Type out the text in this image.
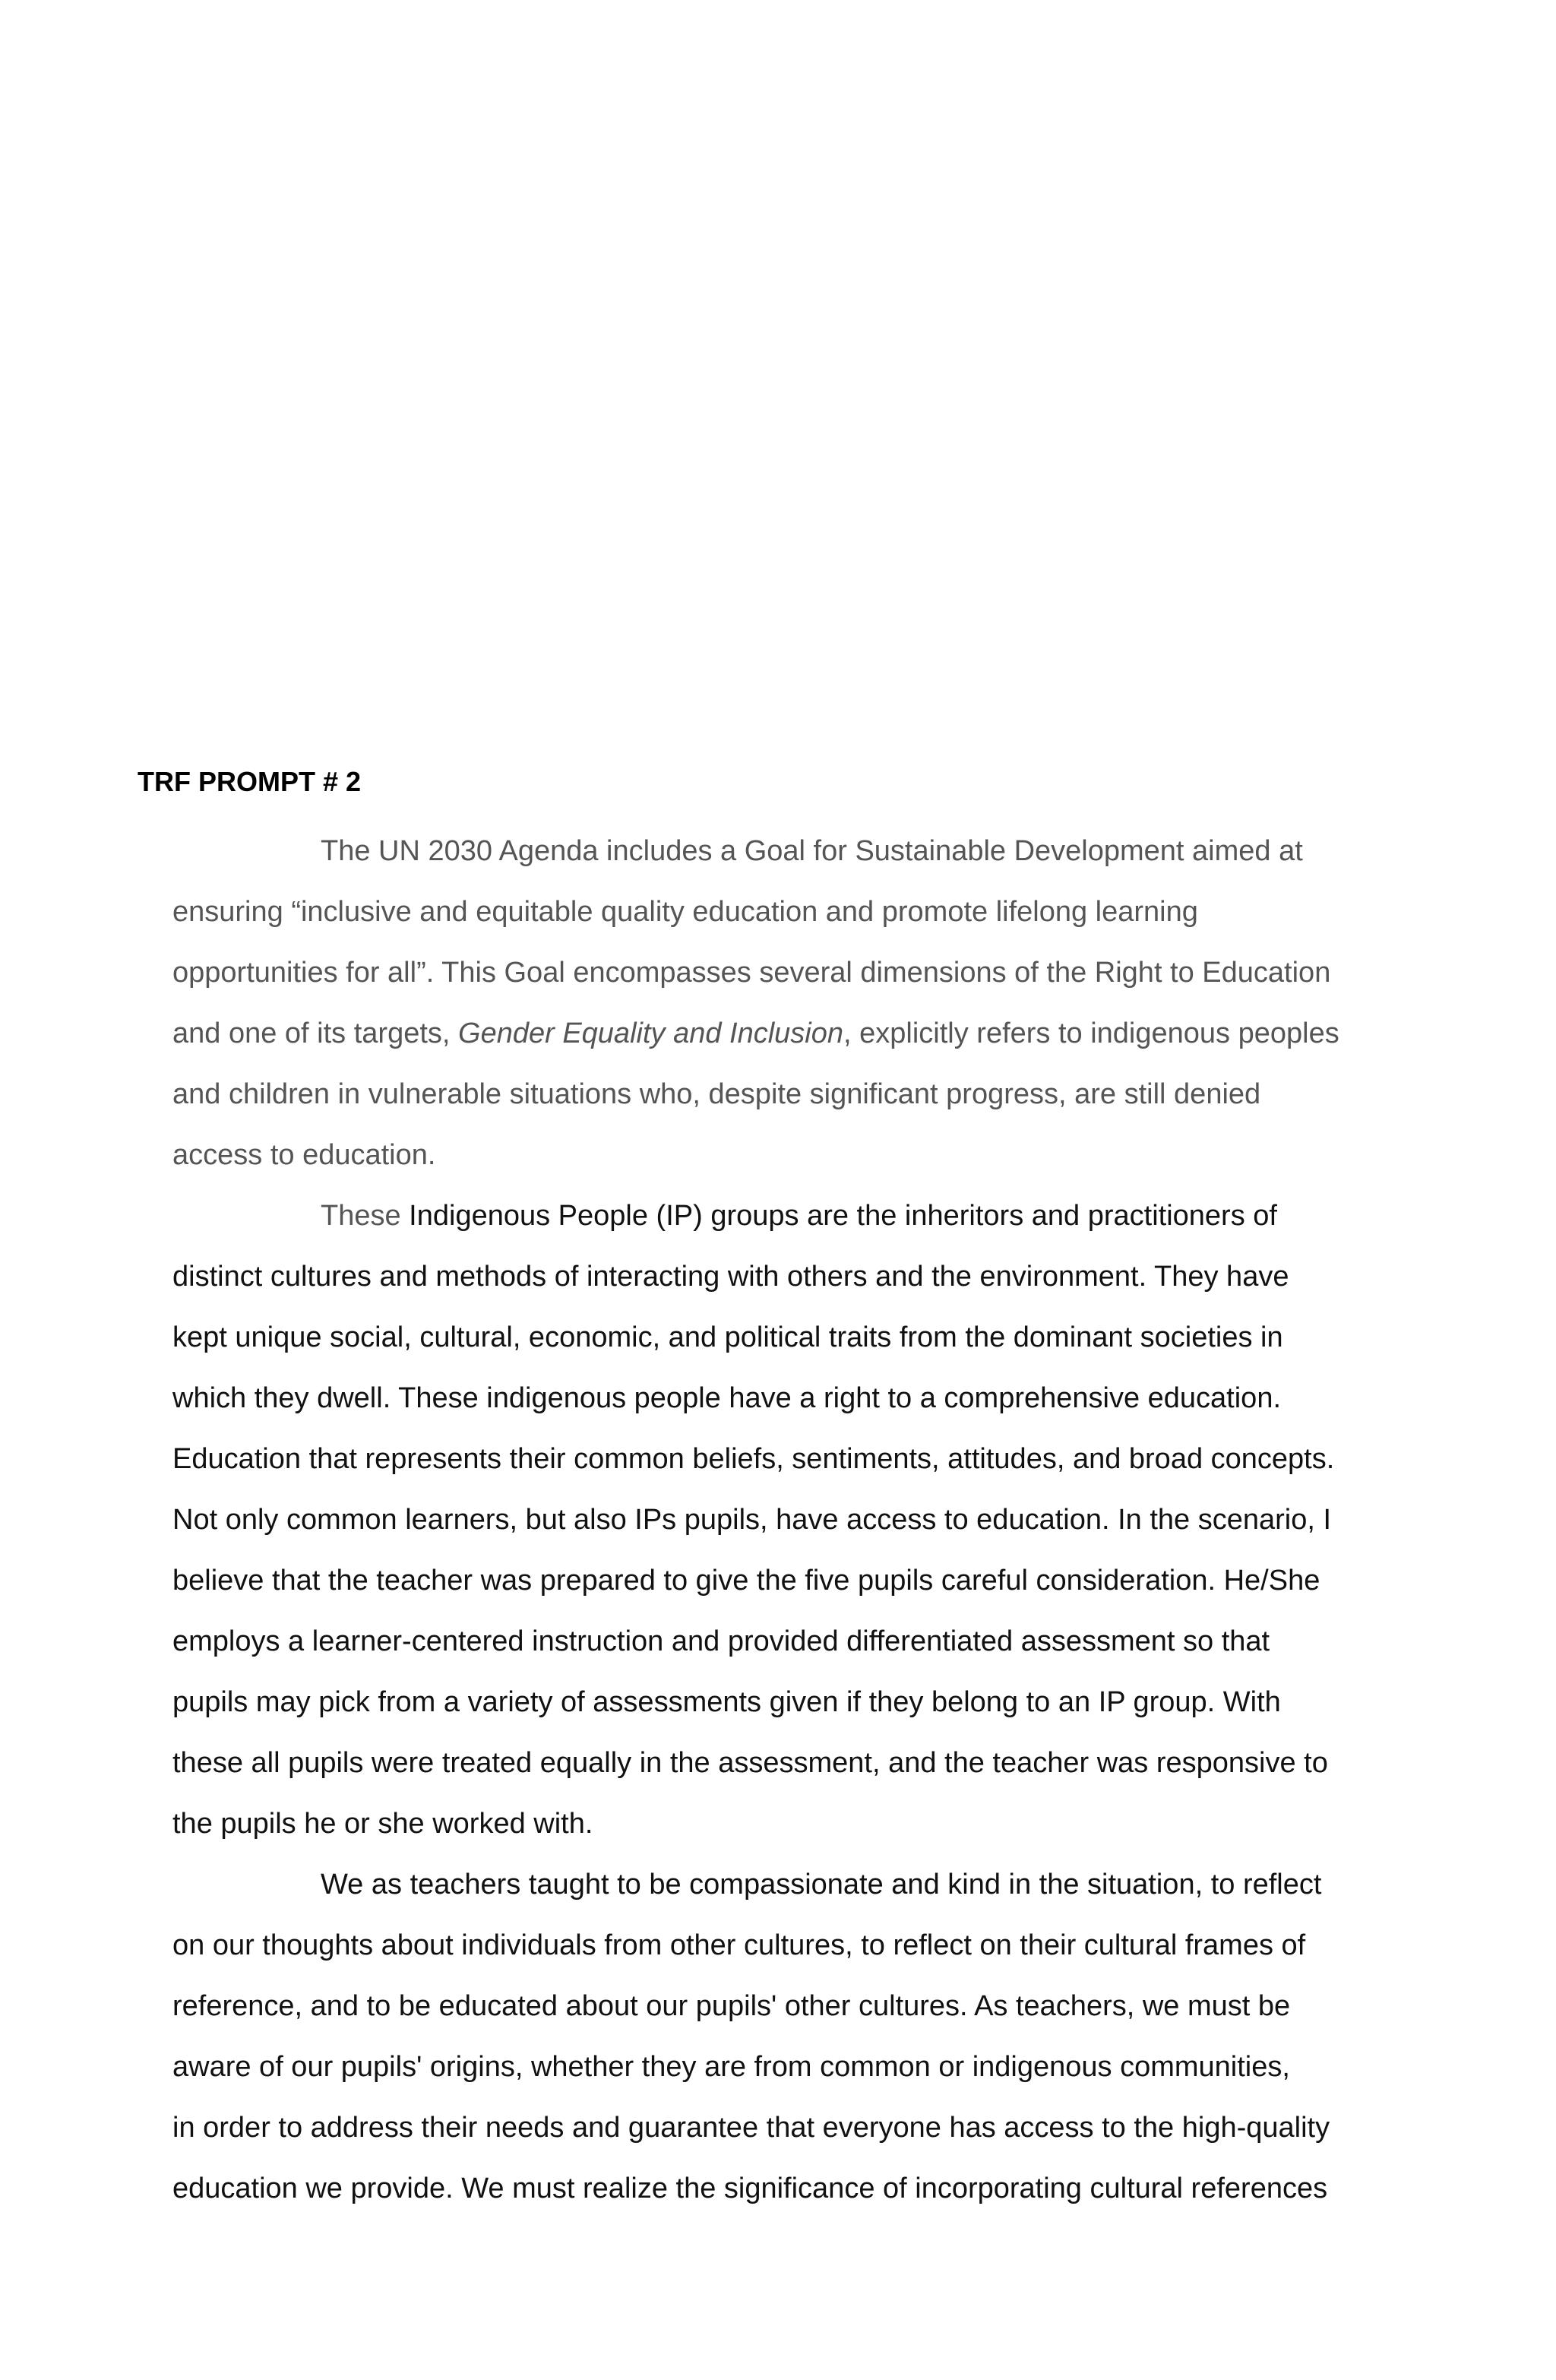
TRF PROMPT # 2
The UN 2030 Agenda includes a Goal for Sustainable Development aimed at
ensuring “inclusive and equitable quality education and promote lifelong learning
opportunities for all”. This Goal encompasses several dimensions of the Right to Education
and one of its targets, Gender Equality and Inclusion, explicitly refers to indigenous peoples
and children in vulnerable situations who, despite significant progress, are still denied
access to education.
These Indigenous People (IP) groups are the inheritors and practitioners of
distinct cultures and methods of interacting with others and the environment. They have
kept unique social, cultural, economic, and political traits from the dominant societies in
which they dwell. These indigenous people have a right to a comprehensive education.
Education that represents their common beliefs, sentiments, attitudes, and broad concepts.
Not only common learners, but also IPs pupils, have access to education. In the scenario, I
believe that the teacher was prepared to give the five pupils careful consideration. He/She
employs a learner-centered instruction and provided differentiated assessment so that
pupils may pick from a variety of assessments given if they belong to an IP group. With
these all pupils were treated equally in the assessment, and the teacher was responsive to
the pupils he or she worked with.
We as teachers taught to be compassionate and kind in the situation, to reflect
on our thoughts about individuals from other cultures, to reflect on their cultural frames of
reference, and to be educated about our pupils' other cultures. As teachers, we must be
aware of our pupils' origins, whether they are from common or indigenous communities,
in order to address their needs and guarantee that everyone has access to the high-quality
education we provide. We must realize the significance of incorporating cultural references
